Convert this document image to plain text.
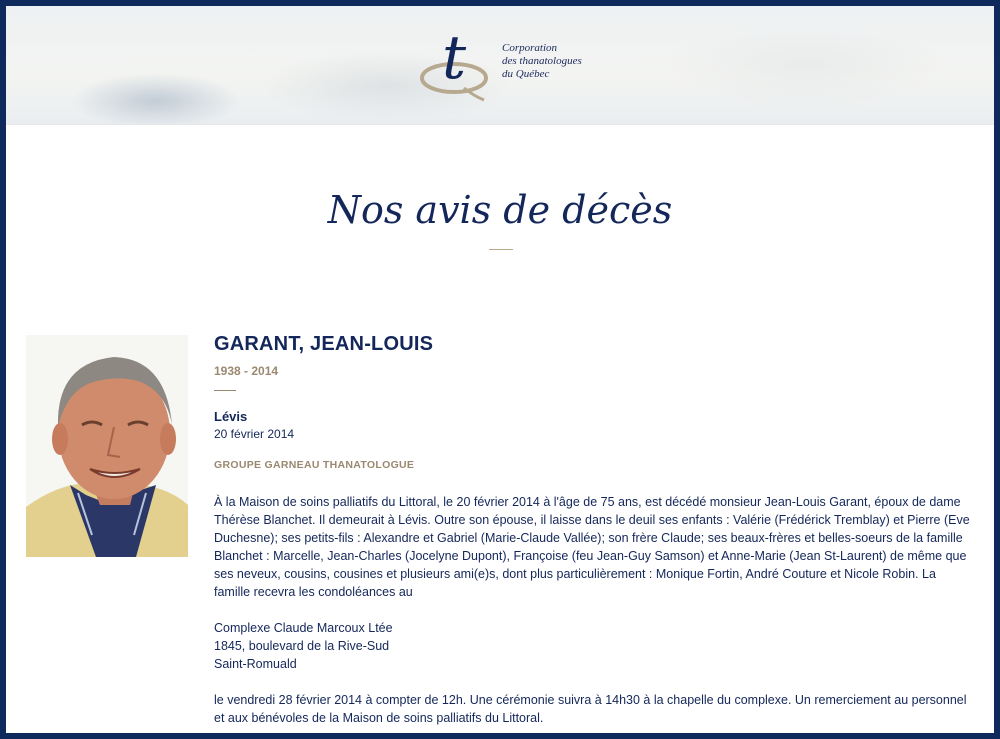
t	Corporation
des thanatologues
du Québec
Nos avis de décès
GARANT, JEAN-LOUIS
1938 - 2014
Lévis
20 février 2014
GROUPE GARNEAU THANATOLOGUE

À la Maison de soins palliatifs du Littoral, le 20 février 2014 à l'âge de 75 ans, est décédé monsieur Jean-Louis Garant, époux de dame Thérèse Blanchet. Il demeurait à Lévis. Outre son épouse, il laisse dans le deuil ses enfants : Valérie (Frédérick Tremblay) et Pierre (Eve Duchesne); ses petits-fils : Alexandre et Gabriel (Marie-Claude Vallée); son frère Claude; ses beaux-frères et belles-soeurs de la famille Blanchet : Marcelle, Jean-Charles (Jocelyne Dupont), Françoise (feu Jean-Guy Samson) et Anne-Marie (Jean St-Laurent) de même que ses neveux, cousins, cousines et plusieurs ami(e)s, dont plus particulièrement : Monique Fortin, André Couture et Nicole Robin. La famille recevra les condoléances au

Complexe Claude Marcoux Ltée
1845, boulevard de la Rive-Sud
Saint-Romuald

le vendredi 28 février 2014 à compter de 12h. Une cérémonie suivra à 14h30 à la chapelle du complexe. Un remerciement au personnel et aux bénévoles de la Maison de soins palliatifs du Littoral.
